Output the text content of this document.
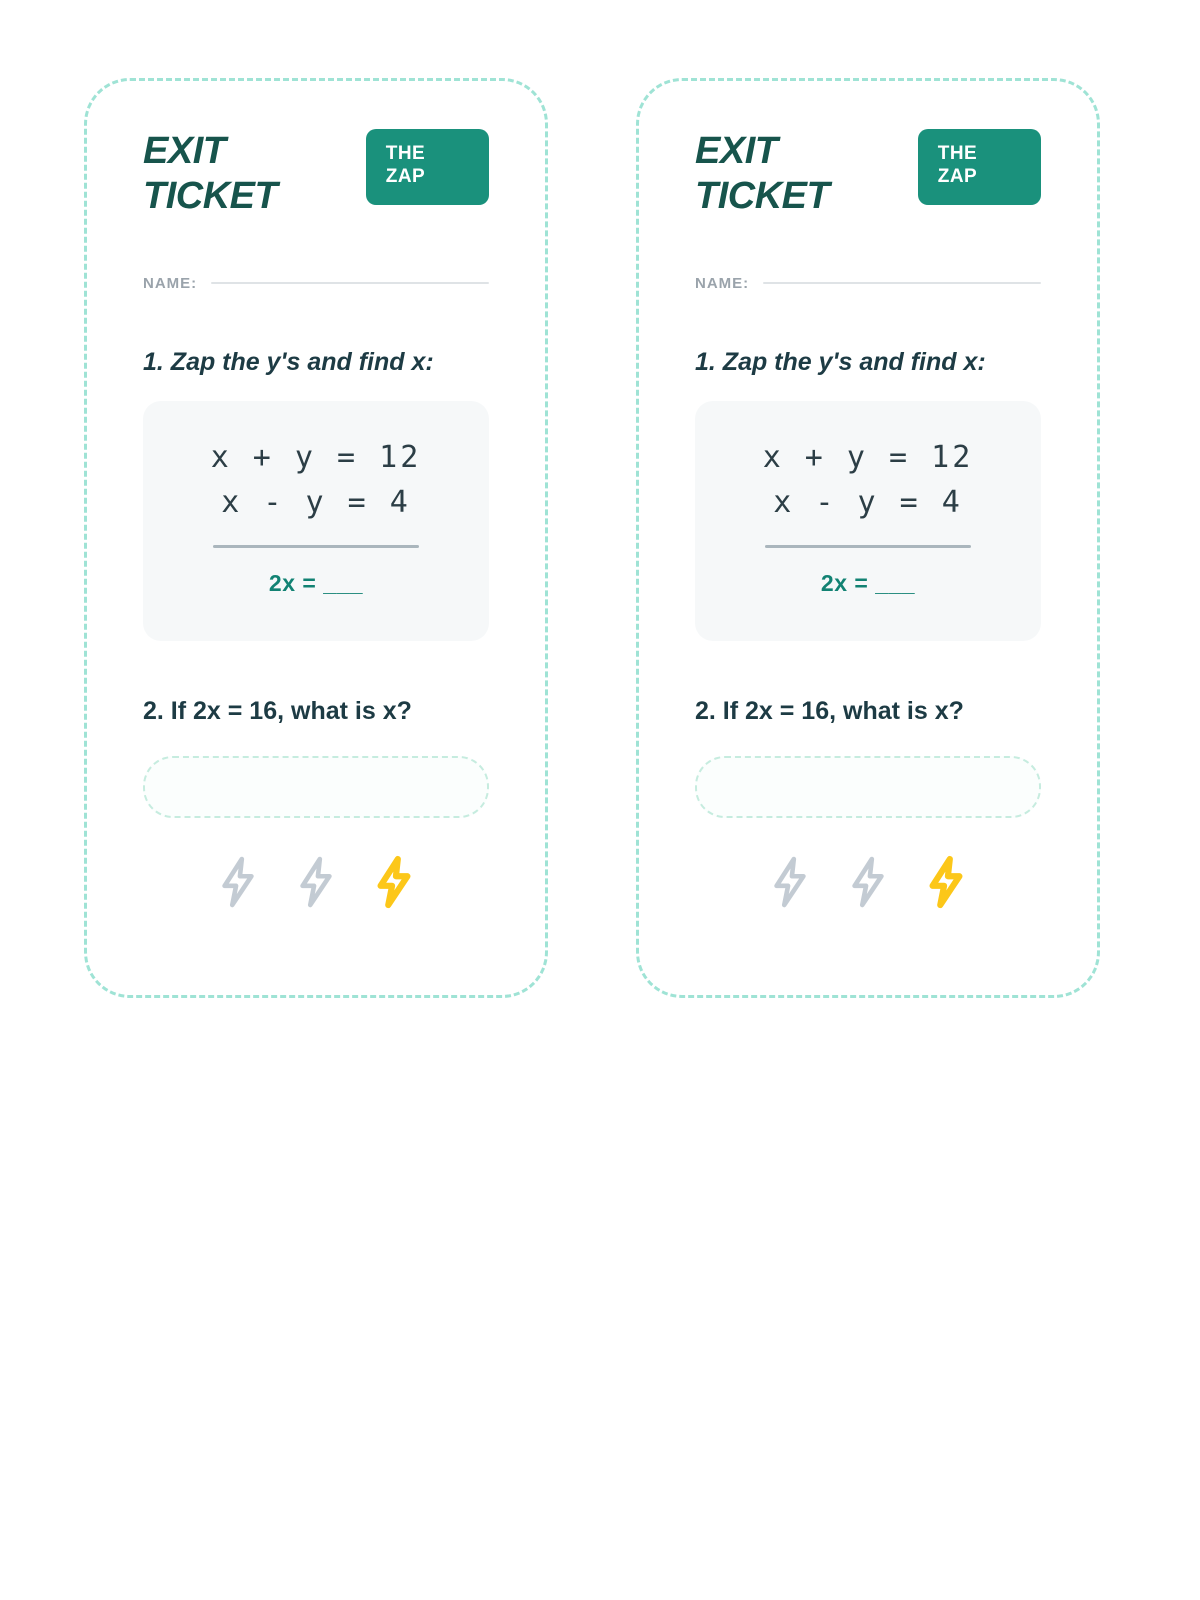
EXIT TICKET
THE ZAP
NAME:
1. Zap the y's and find x:
x + y = 12
x - y = 4
2x = ___
2. If 2x = 16, what is x?
EXIT TICKET
THE ZAP
NAME:
1. Zap the y's and find x:
x + y = 12
x - y = 4
2x = ___
2. If 2x = 16, what is x?
